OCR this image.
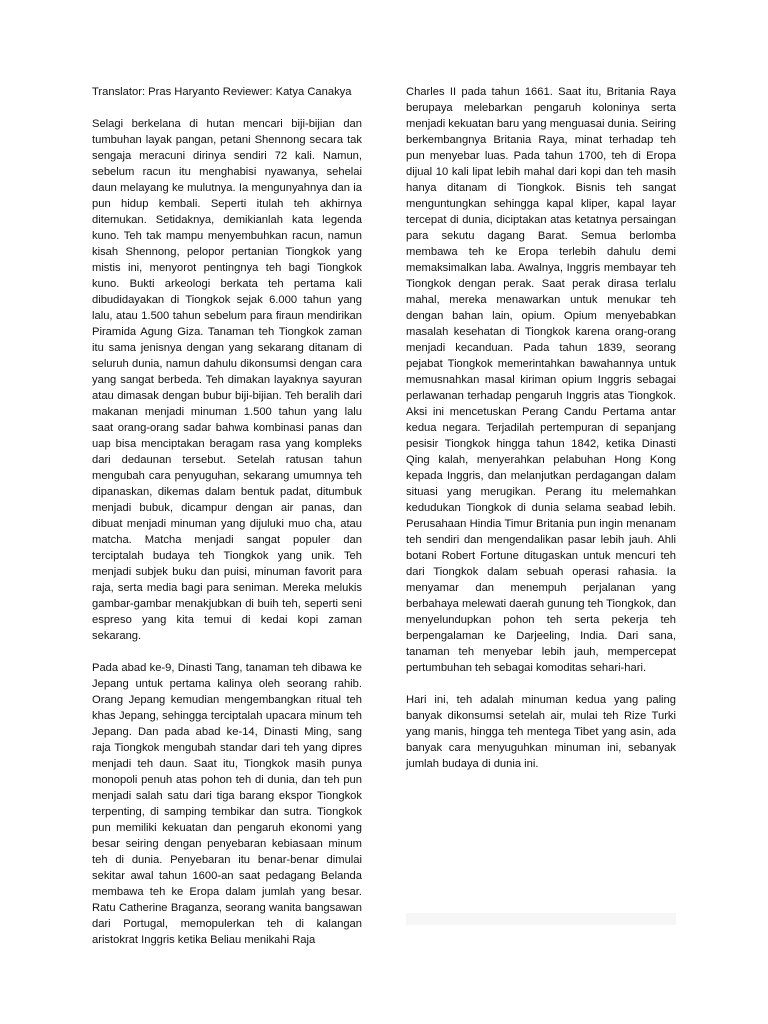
Translator: Pras Haryanto Reviewer: Katya Canakya

Selagi berkelana di hutan mencari biji-bijian dan tumbuhan layak pangan, petani Shennong secara tak sengaja meracuni dirinya sendiri 72 kali. Namun, sebelum racun itu menghabisi nyawanya, sehelai daun melayang ke mulutnya. Ia mengunyahnya dan ia pun hidup kembali. Seperti itulah teh akhirnya ditemukan. Setidaknya, demikianlah kata legenda kuno. Teh tak mampu menyembuhkan racun, namun kisah Shennong, pelopor pertanian Tiongkok yang mistis ini, menyorot pentingnya teh bagi Tiongkok kuno. Bukti arkeologi berkata teh pertama kali dibudidayakan di Tiongkok sejak 6.000 tahun yang lalu, atau 1.500 tahun sebelum para firaun mendirikan Piramida Agung Giza. Tanaman teh Tiongkok zaman itu sama jenisnya dengan yang sekarang ditanam di seluruh dunia, namun dahulu dikonsumsi dengan cara yang sangat berbeda. Teh dimakan layaknya sayuran atau dimasak dengan bubur biji-bijian. Teh beralih dari makanan menjadi minuman 1.500 tahun yang lalu saat orang-orang sadar bahwa kombinasi panas dan uap bisa menciptakan beragam rasa yang kompleks dari dedaunan tersebut. Setelah ratusan tahun mengubah cara penyuguhan, sekarang umumnya teh dipanaskan, dikemas dalam bentuk padat, ditumbuk menjadi bubuk, dicampur dengan air panas, dan dibuat menjadi minuman yang dijuluki muo cha, atau matcha. Matcha menjadi sangat populer dan terciptalah budaya teh Tiongkok yang unik. Teh menjadi subjek buku dan puisi, minuman favorit para raja, serta media bagi para seniman. Mereka melukis gambar-gambar menakjubkan di buih teh, seperti seni espreso yang kita temui di kedai kopi zaman sekarang.

Pada abad ke-9, Dinasti Tang, tanaman teh dibawa ke Jepang untuk pertama kalinya oleh seorang rahib. Orang Jepang kemudian mengembangkan ritual teh khas Jepang, sehingga terciptalah upacara minum teh Jepang. Dan pada abad ke-14, Dinasti Ming, sang raja Tiongkok mengubah standar dari teh yang dipres menjadi teh daun. Saat itu, Tiongkok masih punya monopoli penuh atas pohon teh di dunia, dan teh pun menjadi salah satu dari tiga barang ekspor Tiongkok terpenting, di samping tembikar dan sutra. Tiongkok pun memiliki kekuatan dan pengaruh ekonomi yang besar seiring dengan penyebaran kebiasaan minum teh di dunia. Penyebaran itu benar-benar dimulai sekitar awal tahun 1600-an saat pedagang Belanda membawa teh ke Eropa dalam jumlah yang besar. Ratu Catherine Braganza, seorang wanita bangsawan dari Portugal, memopulerkan teh di kalangan aristokrat Inggris ketika Beliau menikahi Raja

Charles II pada tahun 1661. Saat itu, Britania Raya berupaya melebarkan pengaruh koloninya serta menjadi kekuatan baru yang menguasai dunia. Seiring berkembangnya Britania Raya, minat terhadap teh pun menyebar luas. Pada tahun 1700, teh di Eropa dijual 10 kali lipat lebih mahal dari kopi dan teh masih hanya ditanam di Tiongkok. Bisnis teh sangat menguntungkan sehingga kapal kliper, kapal layar tercepat di dunia, diciptakan atas ketatnya persaingan para sekutu dagang Barat. Semua berlomba membawa teh ke Eropa terlebih dahulu demi memaksimalkan laba. Awalnya, Inggris membayar teh Tiongkok dengan perak. Saat perak dirasa terlalu mahal, mereka menawarkan untuk menukar teh dengan bahan lain, opium. Opium menyebabkan masalah kesehatan di Tiongkok karena orang-orang menjadi kecanduan. Pada tahun 1839, seorang pejabat Tiongkok memerintahkan bawahannya untuk memusnahkan masal kiriman opium Inggris sebagai perlawanan terhadap pengaruh Inggris atas Tiongkok. Aksi ini mencetuskan Perang Candu Pertama antar kedua negara. Terjadilah pertempuran di sepanjang pesisir Tiongkok hingga tahun 1842, ketika Dinasti Qing kalah, menyerahkan pelabuhan Hong Kong kepada Inggris, dan melanjutkan perdagangan dalam situasi yang merugikan. Perang itu melemahkan kedudukan Tiongkok di dunia selama seabad lebih. Perusahaan Hindia Timur Britania pun ingin menanam teh sendiri dan mengendalikan pasar lebih jauh. Ahli botani Robert Fortune ditugaskan untuk mencuri teh dari Tiongkok dalam sebuah operasi rahasia. Ia menyamar dan menempuh perjalanan yang berbahaya melewati daerah gunung teh Tiongkok, dan menyelundupkan pohon teh serta pekerja teh berpengalaman ke Darjeeling, India. Dari sana, tanaman teh menyebar lebih jauh, mempercepat pertumbuhan teh sebagai komoditas sehari-hari.

Hari ini, teh adalah minuman kedua yang paling banyak dikonsumsi setelah air, mulai teh Rize Turki yang manis, hingga teh mentega Tibet yang asin, ada banyak cara menyuguhkan minuman ini, sebanyak jumlah budaya di dunia ini.
